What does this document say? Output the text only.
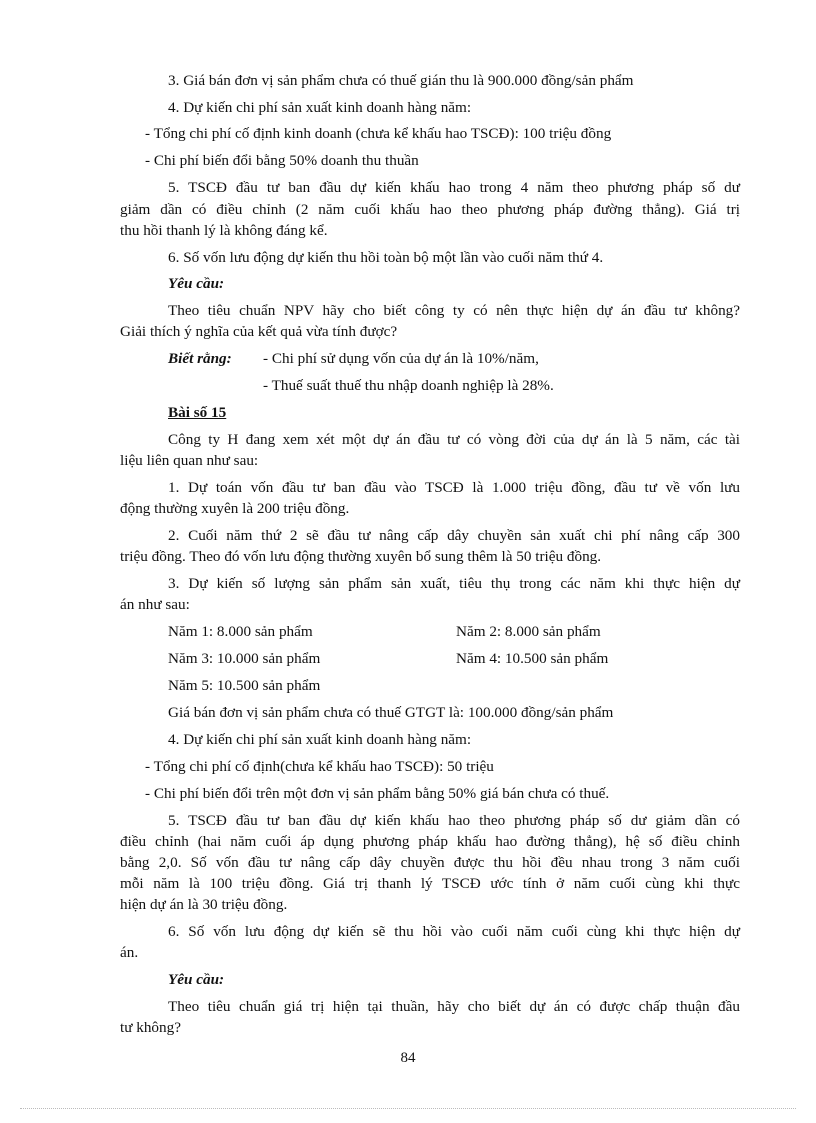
3. Giá bán đơn vị sản phẩm chưa có thuế gián thu là 900.000 đồng/sản phẩm
4. Dự kiến chi phí sản xuất kinh doanh hàng năm:
- Tổng chi phí cố định kinh doanh (chưa kể khấu hao TSCĐ): 100 triệu đồng
- Chi phí biến đổi bằng 50% doanh thu thuần
5. TSCĐ đầu tư ban đầu dự kiến khấu hao trong 4 năm theo phương pháp số dư
giảm dần có điều chỉnh (2 năm cuối khấu hao theo phương pháp đường thẳng). Giá trị
thu hồi thanh lý là không đáng kể.
6. Số vốn lưu động dự kiến thu hồi toàn bộ một lần vào cuối năm thứ 4.
Yêu cầu:
Theo tiêu chuẩn NPV hãy cho biết công ty có nên thực hiện dự án đầu tư không?
Giải thích ý nghĩa của kết quả vừa tính được?
Biết rằng: - Chi phí sử dụng vốn của dự án là 10%/năm,
- Thuế suất thuế thu nhập doanh nghiệp là 28%.
Bài số 15
Công ty H đang xem xét một dự án đầu tư có vòng đời của dự án là 5 năm, các tài
liệu liên quan như sau:
1. Dự toán vốn đầu tư ban đầu vào TSCĐ là 1.000 triệu đồng, đầu tư về vốn lưu
động thường xuyên là 200 triệu đồng.
2. Cuối năm thứ 2 sẽ đầu tư nâng cấp dây chuyền sản xuất chi phí nâng cấp 300
triệu đồng. Theo đó vốn lưu động thường xuyên bổ sung thêm là 50 triệu đồng.
3. Dự kiến số lượng sản phẩm sản xuất, tiêu thụ trong các năm khi thực hiện dự
án như sau:
Năm 1: 8.000 sản phẩm	Năm 2: 8.000 sản phẩm
Năm 3: 10.000 sản phẩm	Năm 4: 10.500 sản phẩm
Năm 5: 10.500 sản phẩm
Giá bán đơn vị sản phẩm chưa có thuế GTGT là: 100.000 đồng/sản phẩm
4. Dự kiến chi phí sản xuất kinh doanh hàng năm:
- Tổng chi phí cố định(chưa kể khấu hao TSCĐ): 50 triệu
- Chi phí biến đổi trên một đơn vị sản phẩm bằng 50% giá bán chưa có thuế.
5. TSCĐ đầu tư ban đầu dự kiến khấu hao theo phương pháp số dư giảm dần có
điều chỉnh (hai năm cuối áp dụng phương pháp khấu hao đường thẳng), hệ số điều chỉnh
bằng 2,0. Số vốn đầu tư nâng cấp dây chuyền được thu hồi đều nhau trong 3 năm cuối
mỗi năm là 100 triệu đồng. Giá trị thanh lý TSCĐ ước tính ở năm cuối cùng khi thực
hiện dự án là 30 triệu đồng.
6. Số vốn lưu động dự kiến sẽ thu hồi vào cuối năm cuối cùng khi thực hiện dự
án.
Yêu cầu:
Theo tiêu chuẩn giá trị hiện tại thuần, hãy cho biết dự án có được chấp thuận đầu
tư không?
84
